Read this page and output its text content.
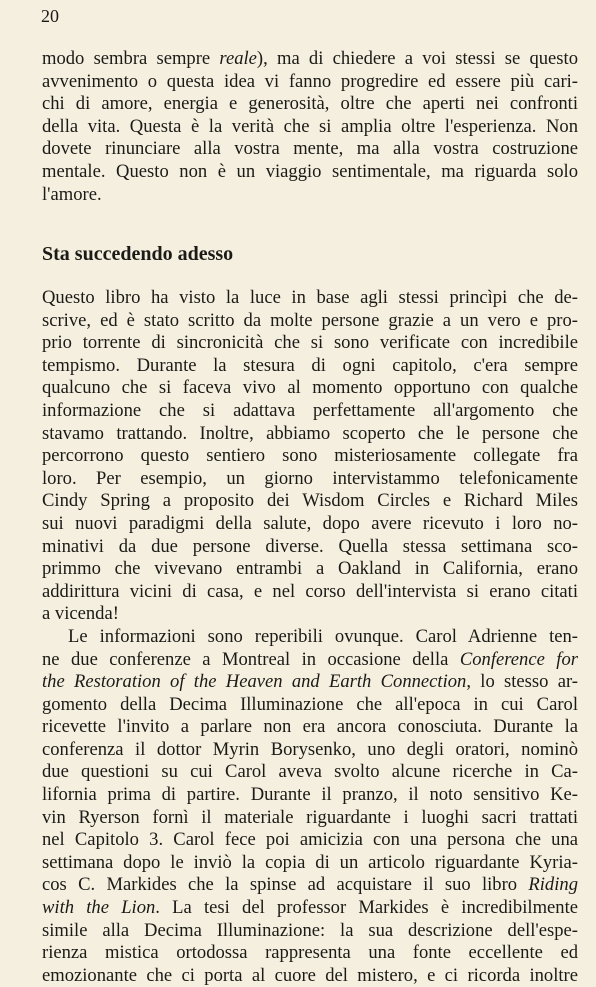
20
modo sembra sempre reale), ma di chiedere a voi stessi se questo
avvenimento o questa idea vi fanno progredire ed essere più cari-
chi di amore, energia e generosità, oltre che aperti nei confronti
della vita. Questa è la verità che si amplia oltre l'esperienza. Non
dovete rinunciare alla vostra mente, ma alla vostra costruzione
mentale. Questo non è un viaggio sentimentale, ma riguarda solo
l'amore.
Sta succedendo adesso
Questo libro ha visto la luce in base agli stessi princìpi che de-
scrive, ed è stato scritto da molte persone grazie a un vero e pro-
prio torrente di sincronicità che si sono verificate con incredibile
tempismo. Durante la stesura di ogni capitolo, c'era sempre
qualcuno che si faceva vivo al momento opportuno con qualche
informazione che si adattava perfettamente all'argomento che
stavamo trattando. Inoltre, abbiamo scoperto che le persone che
percorrono questo sentiero sono misteriosamente collegate fra
loro. Per esempio, un giorno intervistammo telefonicamente
Cindy Spring a proposito dei Wisdom Circles e Richard Miles
sui nuovi paradigmi della salute, dopo avere ricevuto i loro no-
minativi da due persone diverse. Quella stessa settimana sco-
primmo che vivevano entrambi a Oakland in California, erano
addirittura vicini di casa, e nel corso dell'intervista si erano citati
a vicenda!
Le informazioni sono reperibili ovunque. Carol Adrienne ten-
ne due conferenze a Montreal in occasione della Conference for
the Restoration of the Heaven and Earth Connection, lo stesso ar-
gomento della Decima Illuminazione che all'epoca in cui Carol
ricevette l'invito a parlare non era ancora conosciuta. Durante la
conferenza il dottor Myrin Borysenko, uno degli oratori, nominò
due questioni su cui Carol aveva svolto alcune ricerche in Ca-
lifornia prima di partire. Durante il pranzo, il noto sensitivo Ke-
vin Ryerson fornì il materiale riguardante i luoghi sacri trattati
nel Capitolo 3. Carol fece poi amicizia con una persona che una
settimana dopo le inviò la copia di un articolo riguardante Kyria-
cos C. Markides che la spinse ad acquistare il suo libro Riding
with the Lion. La tesi del professor Markides è incredibilmente
simile alla Decima Illuminazione: la sua descrizione dell'espe-
rienza mistica ortodossa rappresenta una fonte eccellente ed
emozionante che ci porta al cuore del mistero, e ci ricorda inoltre
